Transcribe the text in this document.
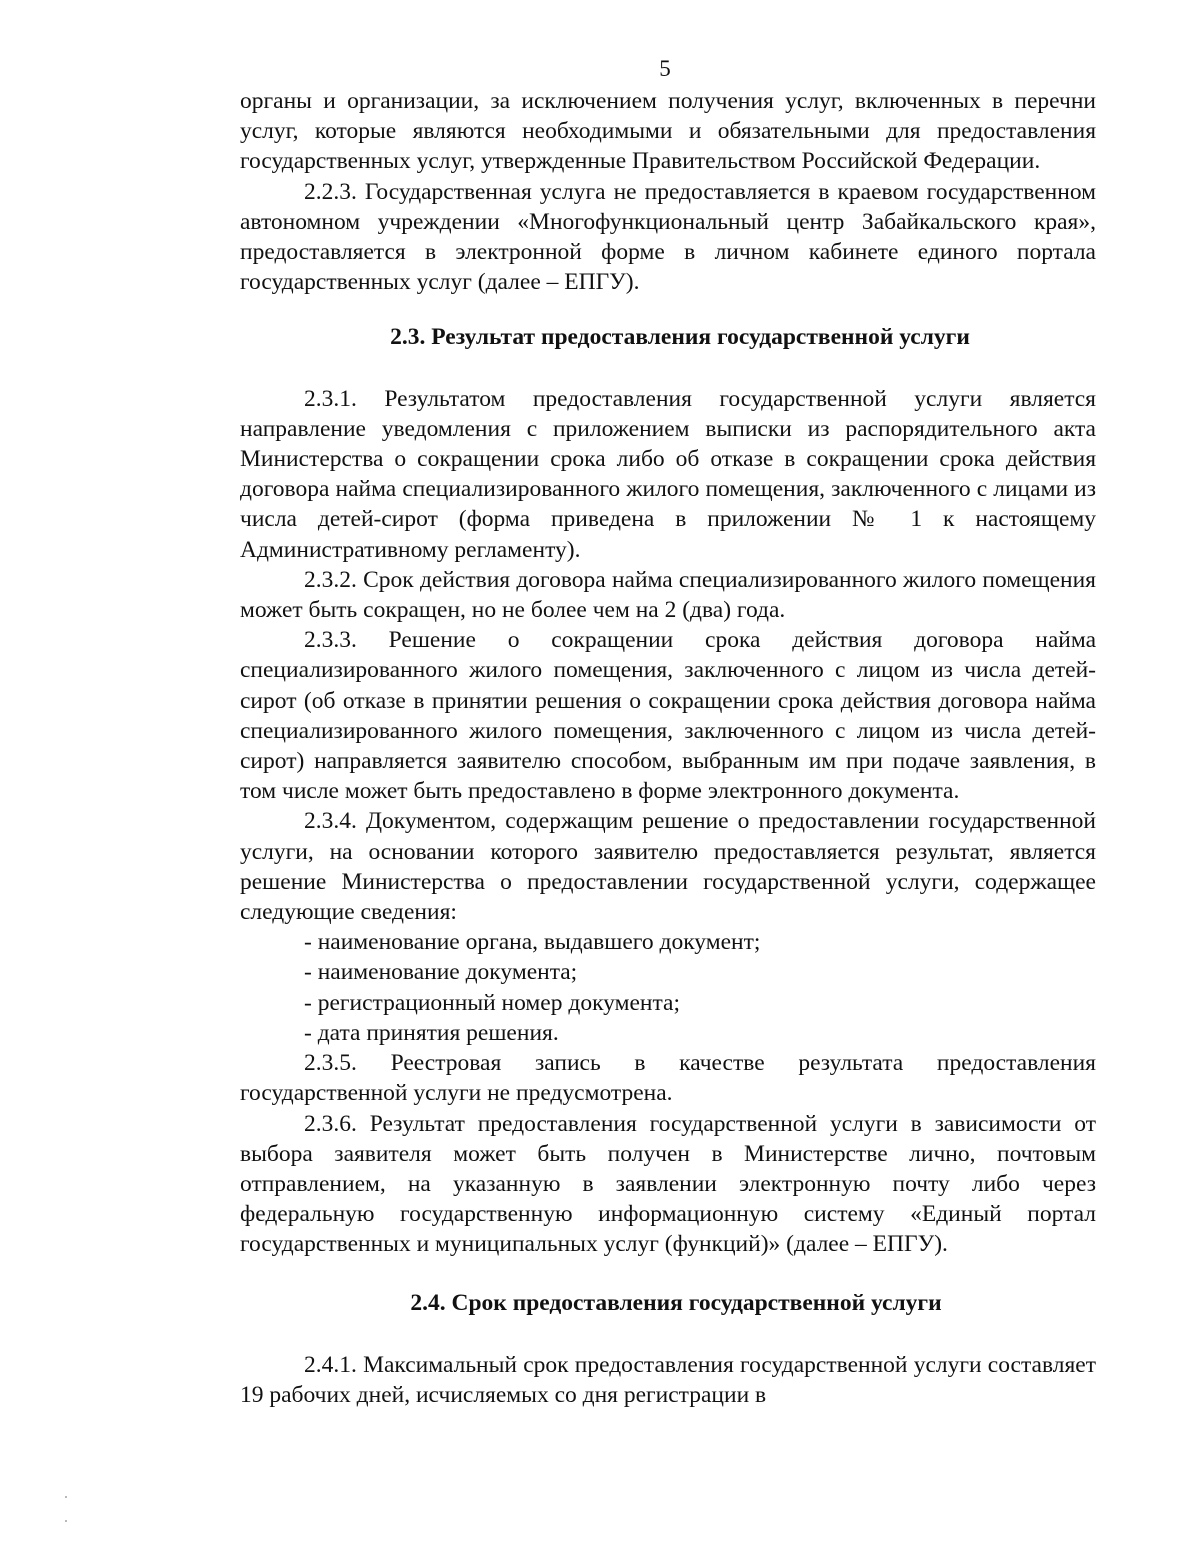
5

органы и организации, за исключением получения услуг, включенных в перечни услуг, которые являются необходимыми и обязательными для предоставления государственных услуг, утвержденные Правительством Российской Федерации.

2.2.3. Государственная услуга не предоставляется в краевом государственном автономном учреждении «Многофункциональный центр Забайкальского края», предоставляется в электронной форме в личном кабинете единого портала государственных услуг (далее – ЕПГУ).

2.3. Результат предоставления государственной услуги

2.3.1. Результатом предоставления государственной услуги является направление уведомления с приложением выписки из распорядительного акта Министерства о сокращении срока либо об отказе в сокращении срока действия договора найма специализированного жилого помещения, заключенного с лицами из числа детей-сирот (форма приведена в приложении № 1 к настоящему Административному регламенту).

2.3.2. Срок действия договора найма специализированного жилого помещения может быть сокращен, но не более чем на 2 (два) года.

2.3.3. Решение о сокращении срока действия договора найма специализированного жилого помещения, заключенного с лицом из числа детей-сирот (об отказе в принятии решения о сокращении срока действия договора найма специализированного жилого помещения, заключенного с лицом из числа детей-сирот) направляется заявителю способом, выбранным им при подаче заявления, в том числе может быть предоставлено в форме электронного документа.

2.3.4. Документом, содержащим решение о предоставлении государственной услуги, на основании которого заявителю предоставляется результат, является решение Министерства о предоставлении государственной услуги, содержащее следующие сведения:

- наименование органа, выдавшего документ;

- наименование документа;

- регистрационный номер документа;

- дата принятия решения.

2.3.5. Реестровая запись в качестве результата предоставления государственной услуги не предусмотрена.

2.3.6. Результат предоставления государственной услуги в зависимости от выбора заявителя может быть получен в Министерстве лично, почтовым отправлением, на указанную в заявлении электронную почту либо через федеральную государственную информационную систему «Единый портал государственных и муниципальных услуг (функций)» (далее – ЕПГУ).

2.4. Срок предоставления государственной услуги

2.4.1. Максимальный срок предоставления государственной услуги составляет 19 рабочих дней, исчисляемых со дня регистрации в
